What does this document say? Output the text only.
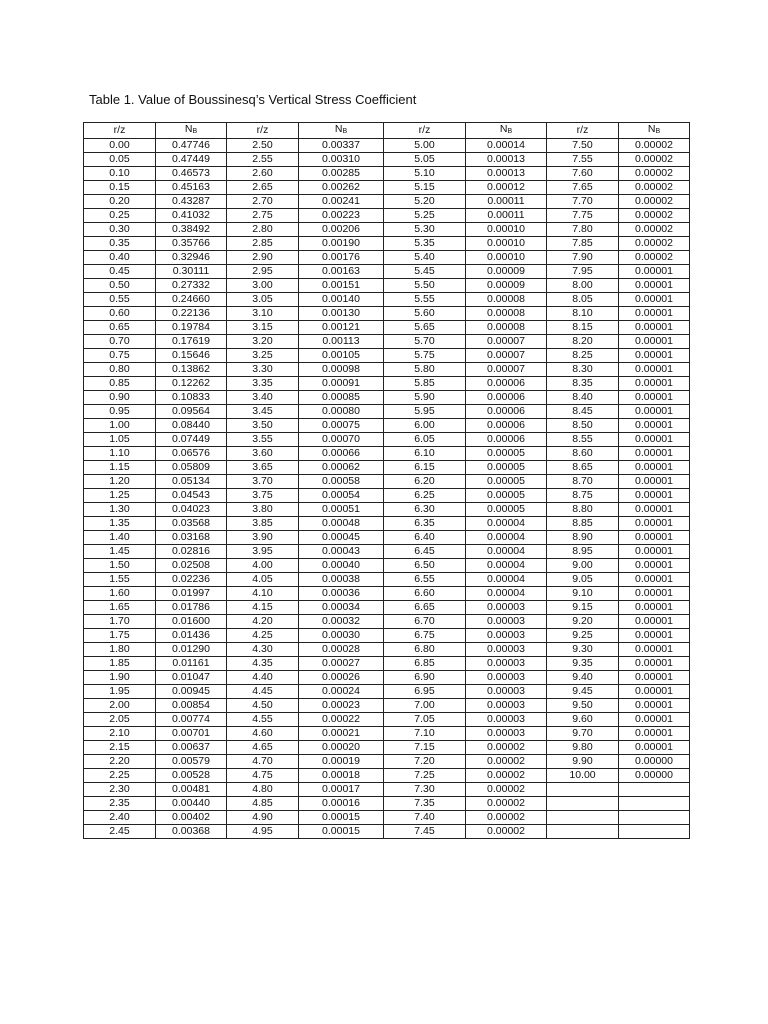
Table 1. Value of Boussinesq’s Vertical Stress Coefficient
r/z	NB	r/z	NB	r/z	NB	r/z	NB
0.00	0.47746	2.50	0.00337	5.00	0.00014	7.50	0.00002
0.05	0.47449	2.55	0.00310	5.05	0.00013	7.55	0.00002
0.10	0.46573	2.60	0.00285	5.10	0.00013	7.60	0.00002
0.15	0.45163	2.65	0.00262	5.15	0.00012	7.65	0.00002
0.20	0.43287	2.70	0.00241	5.20	0.00011	7.70	0.00002
0.25	0.41032	2.75	0.00223	5.25	0.00011	7.75	0.00002
0.30	0.38492	2.80	0.00206	5.30	0.00010	7.80	0.00002
0.35	0.35766	2.85	0.00190	5.35	0.00010	7.85	0.00002
0.40	0.32946	2.90	0.00176	5.40	0.00010	7.90	0.00002
0.45	0.30111	2.95	0.00163	5.45	0.00009	7.95	0.00001
0.50	0.27332	3.00	0.00151	5.50	0.00009	8.00	0.00001
0.55	0.24660	3.05	0.00140	5.55	0.00008	8.05	0.00001
0.60	0.22136	3.10	0.00130	5.60	0.00008	8.10	0.00001
0.65	0.19784	3.15	0.00121	5.65	0.00008	8.15	0.00001
0.70	0.17619	3.20	0.00113	5.70	0.00007	8.20	0.00001
0.75	0.15646	3.25	0.00105	5.75	0.00007	8.25	0.00001
0.80	0.13862	3.30	0.00098	5.80	0.00007	8.30	0.00001
0.85	0.12262	3.35	0.00091	5.85	0.00006	8.35	0.00001
0.90	0.10833	3.40	0.00085	5.90	0.00006	8.40	0.00001
0.95	0.09564	3.45	0.00080	5.95	0.00006	8.45	0.00001
1.00	0.08440	3.50	0.00075	6.00	0.00006	8.50	0.00001
1.05	0.07449	3.55	0.00070	6.05	0.00006	8.55	0.00001
1.10	0.06576	3.60	0.00066	6.10	0.00005	8.60	0.00001
1.15	0.05809	3.65	0.00062	6.15	0.00005	8.65	0.00001
1.20	0.05134	3.70	0.00058	6.20	0.00005	8.70	0.00001
1.25	0.04543	3.75	0.00054	6.25	0.00005	8.75	0.00001
1.30	0.04023	3.80	0.00051	6.30	0.00005	8.80	0.00001
1.35	0.03568	3.85	0.00048	6.35	0.00004	8.85	0.00001
1.40	0.03168	3.90	0.00045	6.40	0.00004	8.90	0.00001
1.45	0.02816	3.95	0.00043	6.45	0.00004	8.95	0.00001
1.50	0.02508	4.00	0.00040	6.50	0.00004	9.00	0.00001
1.55	0.02236	4.05	0.00038	6.55	0.00004	9.05	0.00001
1.60	0.01997	4.10	0.00036	6.60	0.00004	9.10	0.00001
1.65	0.01786	4.15	0.00034	6.65	0.00003	9.15	0.00001
1.70	0.01600	4.20	0.00032	6.70	0.00003	9.20	0.00001
1.75	0.01436	4.25	0.00030	6.75	0.00003	9.25	0.00001
1.80	0.01290	4.30	0.00028	6.80	0.00003	9.30	0.00001
1.85	0.01161	4.35	0.00027	6.85	0.00003	9.35	0.00001
1.90	0.01047	4.40	0.00026	6.90	0.00003	9.40	0.00001
1.95	0.00945	4.45	0.00024	6.95	0.00003	9.45	0.00001
2.00	0.00854	4.50	0.00023	7.00	0.00003	9.50	0.00001
2.05	0.00774	4.55	0.00022	7.05	0.00003	9.60	0.00001
2.10	0.00701	4.60	0.00021	7.10	0.00003	9.70	0.00001
2.15	0.00637	4.65	0.00020	7.15	0.00002	9.80	0.00001
2.20	0.00579	4.70	0.00019	7.20	0.00002	9.90	0.00000
2.25	0.00528	4.75	0.00018	7.25	0.00002	10.00	0.00000
2.30	0.00481	4.80	0.00017	7.30	0.00002		
2.35	0.00440	4.85	0.00016	7.35	0.00002		
2.40	0.00402	4.90	0.00015	7.40	0.00002		
2.45	0.00368	4.95	0.00015	7.45	0.00002		
